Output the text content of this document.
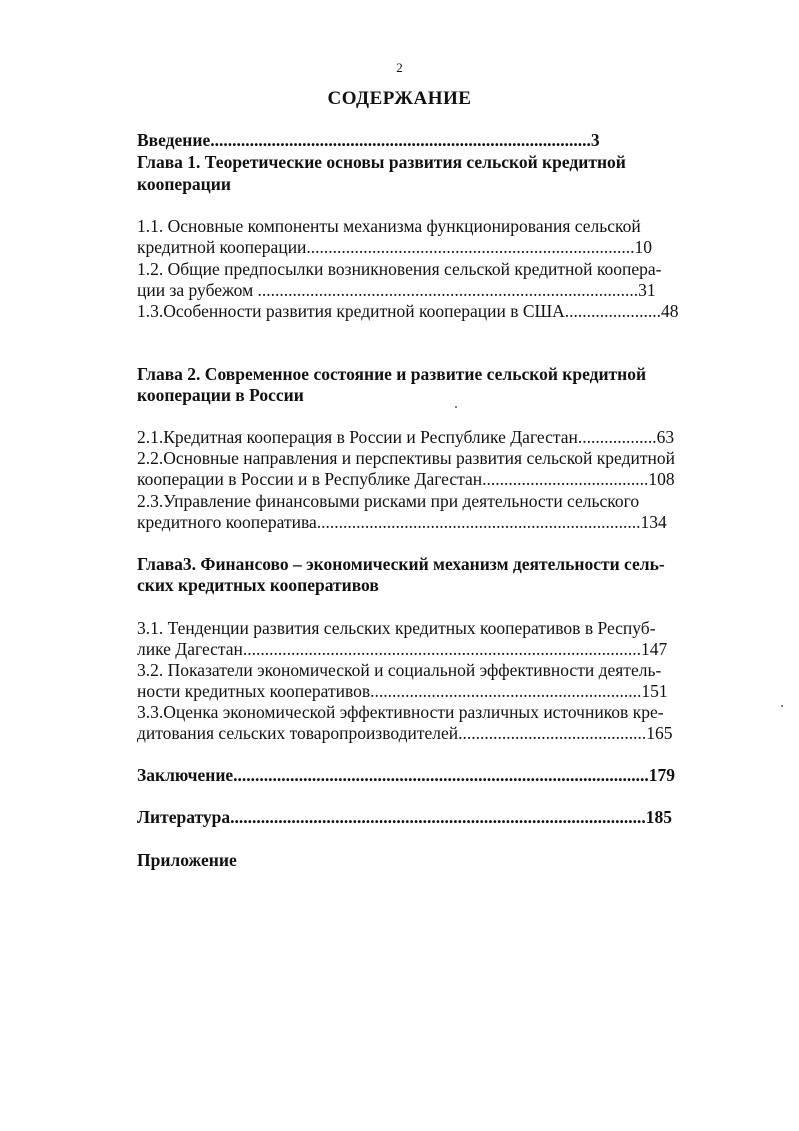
2
СОДЕРЖАНИЕ
Введение.......................................................................................3
Глава 1. Теоретические основы развития сельской кредитной
кооперации
1.1. Основные компоненты механизма функционирования сельской
кредитной кооперации...........................................................................10
1.2. Общие предпосылки возникновения сельской кредитной коопера-
ции за рубежом .......................................................................................31
1.3.Особенности развития кредитной кооперации в США......................48
Глава 2. Современное состояние и развитие сельской кредитной
кооперации в России
2.1.Кредитная кооперация в России и Республике Дагестан..................63
2.2.Основные направления и перспективы развития сельской кредитной
кооперации в России и в Республике Дагестан......................................108
2.3.Управление финансовыми рисками при деятельности сельского
кредитного кооператива..........................................................................134
Глава3. Финансово – экономический механизм деятельности сель-
ских кредитных кооперативов
3.1. Тенденции развития сельских кредитных кооперативов в Респуб-
лике Дагестан...........................................................................................147
3.2. Показатели экономической и социальной эффективности деятель-
ности кредитных кооперативов..............................................................151
3.3.Оценка экономической эффективности различных источников кре-
дитования сельских товаропроизводителей...........................................165
Заключение...............................................................................................179
Литература...............................................................................................185
Приложение
